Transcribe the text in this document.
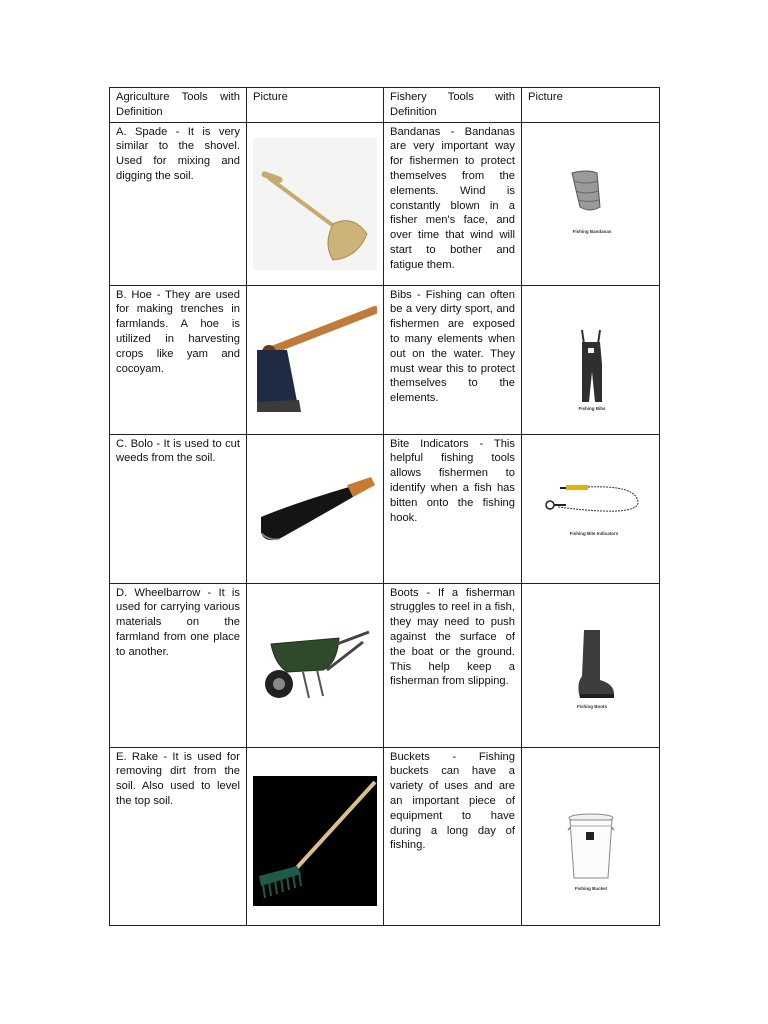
Agriculture Tools with Definition	Picture	Fishery Tools with Definition	Picture
A. Spade - It is very similar to the shovel. Used for mixing and digging the soil.		Bandanas - Bandanas are very important way for fishermen to protect themselves from the elements. Wind is constantly blown in a fisher men's face, and over time that wind will start to bother and fatigue them.	Fishing Bandanas

B. Hoe - They are used for making trenches in farmlands. A hoe is utilized in harvesting crops like yam and cocoyam.		Bibs - Fishing can often be a very dirty sport, and fishermen are exposed to many elements when out on the water. They must wear this to protect themselves to the elements.	Fishing Bibs

C. Bolo - It is used to cut weeds from the soil.		Bite Indicators - This helpful fishing tools allows fishermen to identify when a fish has bitten onto the fishing hook.	Fishing Bite Indicators

D. Wheelbarrow - It is used for carrying various materials on the farmland from one place to another.		Boots - If a fisherman struggles to reel in a fish, they may need to push against the surface of the boat or the ground. This help keep a fisherman from slipping.	Fishing Boots

E. Rake - It is used for removing dirt from the soil. Also used to level the top soil.		Buckets - Fishing buckets can have a variety of uses and are an important piece of equipment to have during a long day of fishing.	Fishing Bucket
